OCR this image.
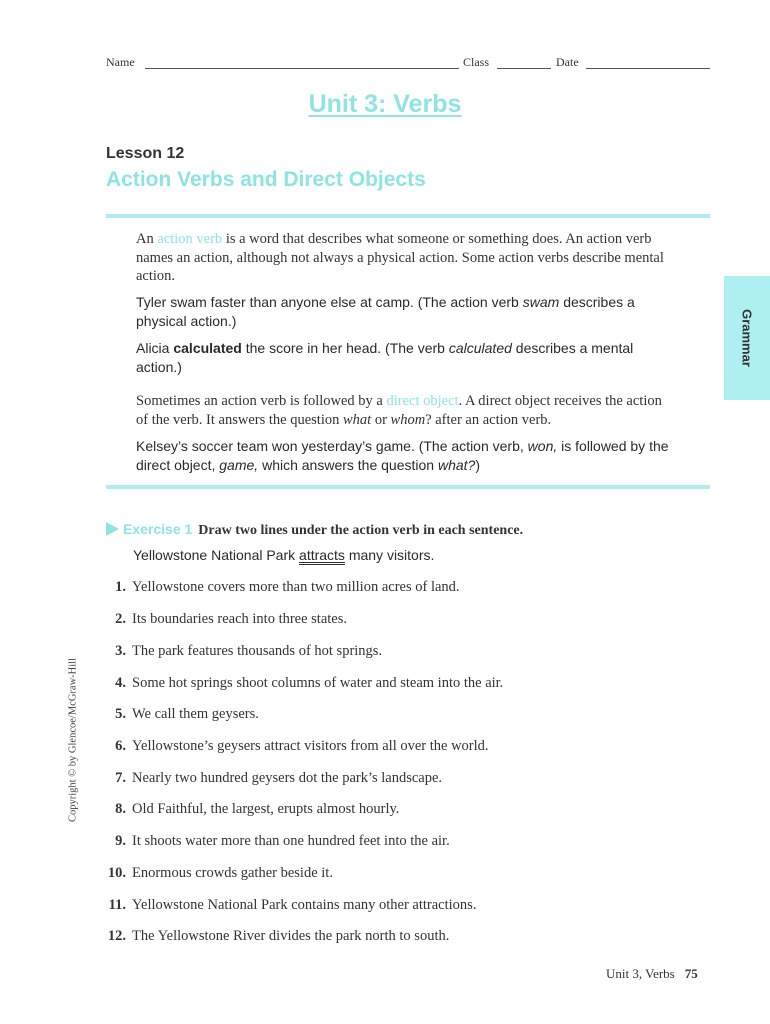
Name	Class	Date
Unit 3: Verbs
Lesson 12
Action Verbs and Direct Objects
An action verb is a word that describes what someone or something does. An action verb names an action, although not always a physical action. Some action verbs describe mental action.
Tyler swam faster than anyone else at camp. (The action verb swam describes a physical action.)
Alicia calculated the score in her head. (The verb calculated describes a mental action.)
Sometimes an action verb is followed by a direct object. A direct object receives the action of the verb. It answers the question what or whom? after an action verb.
Kelsey’s soccer team won yesterday’s game. (The action verb, won, is followed by the direct object, game, which answers the question what?)
Grammar
Copyright © by Glencoe/McGraw-Hill
Exercise 1 Draw two lines under the action verb in each sentence.
Yellowstone National Park attracts many visitors.
1. Yellowstone covers more than two million acres of land.
2. Its boundaries reach into three states.
3. The park features thousands of hot springs.
4. Some hot springs shoot columns of water and steam into the air.
5. We call them geysers.
6. Yellowstone’s geysers attract visitors from all over the world.
7. Nearly two hundred geysers dot the park’s landscape.
8. Old Faithful, the largest, erupts almost hourly.
9. It shoots water more than one hundred feet into the air.
10. Enormous crowds gather beside it.
11. Yellowstone National Park contains many other attractions.
12. The Yellowstone River divides the park north to south.
Unit 3, Verbs 75
